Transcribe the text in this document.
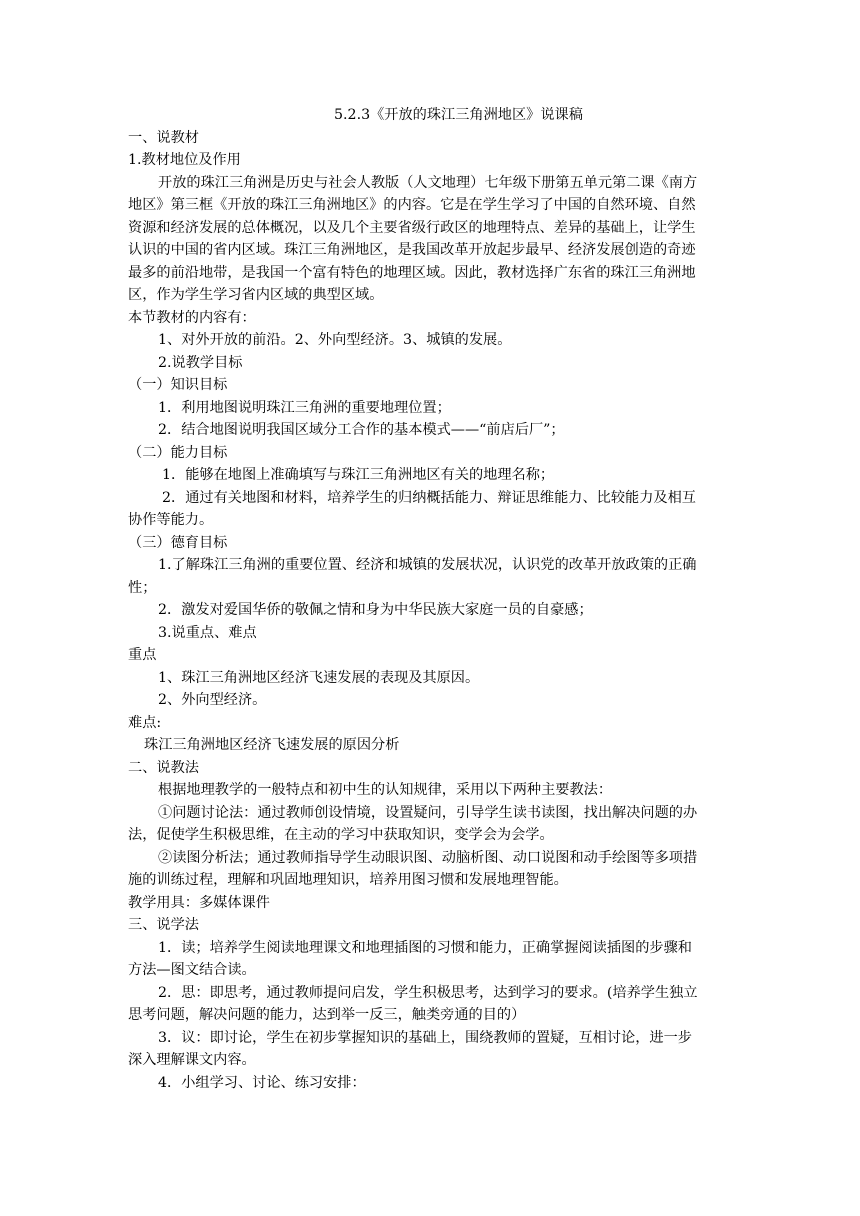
5.2.3《开放的珠江三角洲地区》说课稿
一、说教材
1.教材地位及作用
开放的珠江三角洲是历史与社会人教版（人文地理）七年级下册第五单元第二课《南方
地区》第三框《开放的珠江三角洲地区》的内容。它是在学生学习了中国的自然环境、自然
资源和经济发展的总体概况，以及几个主要省级行政区的地理特点、差异的基础上，让学生
认识的中国的省内区域。珠江三角洲地区，是我国改革开放起步最早、经济发展创造的奇迹
最多的前沿地带，是我国一个富有特色的地理区域。因此，教材选择广东省的珠江三角洲地
区，作为学生学习省内区域的典型区域。
本节教材的内容有：
1、对外开放的前沿。2、外向型经济。3、城镇的发展。
2.说教学目标
（一）知识目标
1．利用地图说明珠江三角洲的重要地理位置；
2．结合地图说明我国区域分工合作的基本模式——“前店后厂”；
（二）能力目标
1．能够在地图上准确填写与珠江三角洲地区有关的地理名称；
2．通过有关地图和材料，培养学生的归纳概括能力、辩证思维能力、比较能力及相互
协作等能力。
（三）德育目标
1.了解珠江三角洲的重要位置、经济和城镇的发展状况，认识党的改革开放政策的正确
性；
2．激发对爱国华侨的敬佩之情和身为中华民族大家庭一员的自豪感；
3.说重点、难点
重点
1、珠江三角洲地区经济飞速发展的表现及其原因。
2、外向型经济。
难点:
珠江三角洲地区经济飞速发展的原因分析
二、说教法
根据地理教学的一般特点和初中生的认知规律，采用以下两种主要教法：
①问题讨论法：通过教师创设情境，设置疑问，引导学生读书读图，找出解决问题的办
法，促使学生积极思维，在主动的学习中获取知识，变学会为会学。
②读图分析法；通过教师指导学生动眼识图、动脑析图、动口说图和动手绘图等多项措
施的训练过程，理解和巩固地理知识，培养用图习惯和发展地理智能。
教学用具：多媒体课件
三、说学法
1．读；培养学生阅读地理课文和地理插图的习惯和能力，正确掌握阅读插图的步骤和
方法—图文结合读。
2．思：即思考，通过教师提问启发，学生积极思考，达到学习的要求。(培养学生独立
思考问题，解决问题的能力，达到举一反三，触类旁通的目的）
3．议：即讨论，学生在初步掌握知识的基础上，围绕教师的置疑，互相讨论，进一步
深入理解课文内容。
4．小组学习、讨论、练习安排：
